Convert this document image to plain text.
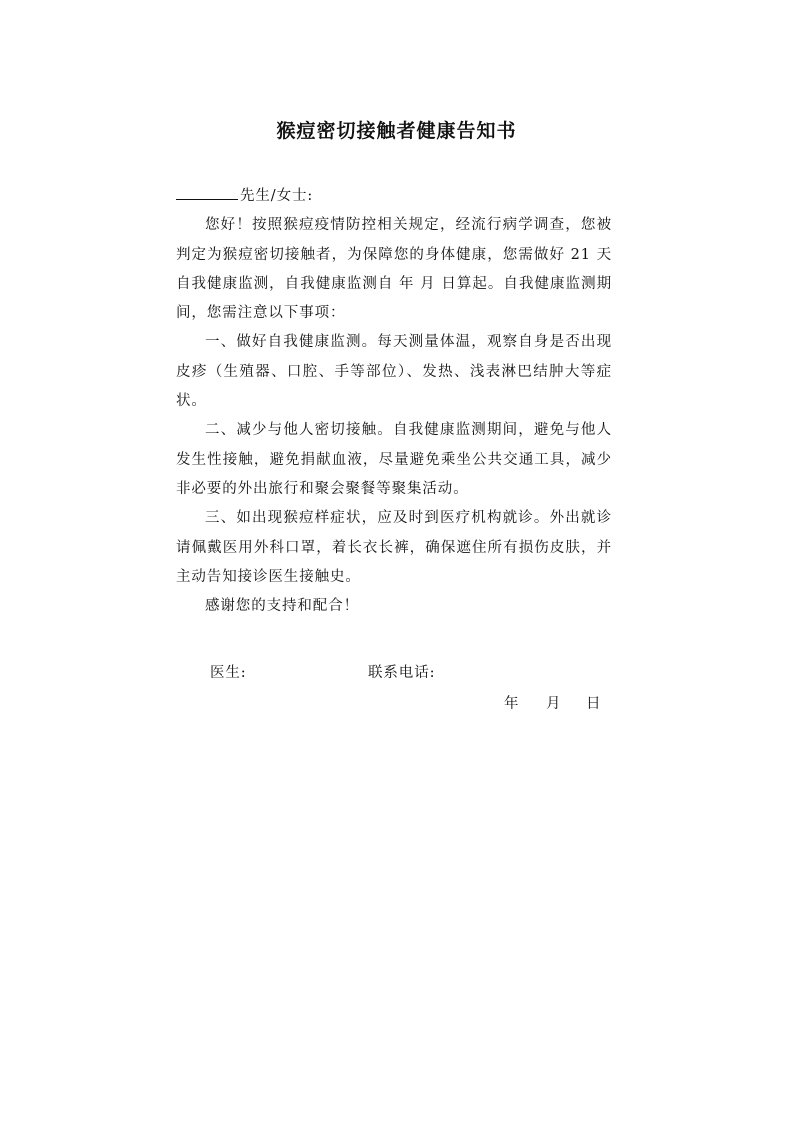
猴痘密切接触者健康告知书

先生/女士:

您好！按照猴痘疫情防控相关规定，经流行病学调查，您被判定为猴痘密切接触者，为保障您的身体健康，您需做好 21 天自我健康监测，自我健康监测自 年 月 日算起。自我健康监测期间，您需注意以下事项：

一、做好自我健康监测。每天测量体温，观察自身是否出现皮疹（生殖器、口腔、手等部位）、发热、浅表淋巴结肿大等症状。

二、减少与他人密切接触。自我健康监测期间，避免与他人发生性接触，避免捐献血液，尽量避免乘坐公共交通工具，减少非必要的外出旅行和聚会聚餐等聚集活动。

三、如出现猴痘样症状，应及时到医疗机构就诊。外出就诊请佩戴医用外科口罩，着长衣长裤，确保遮住所有损伤皮肤，并主动告知接诊医生接触史。

感谢您的支持和配合！

医生:	联系电话:
年 月 日
